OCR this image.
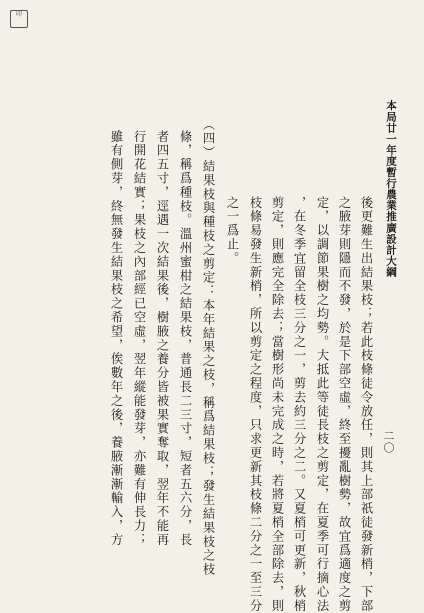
印
本局廿一年度暫行農業推廣設計大綱
二〇
後更難生出結果枝；若此枝條徒令放任，則其上部祇徒發新梢，下部
之腋芽則隱而不發，於是下部空虛，終至擾亂樹勢，故宜爲適度之剪
定，以調節果樹之均勢。大抵此等徒長枝之剪定，在夏季可行摘心法
，在冬季宜留全枝三分之一，剪去約三分之二。又夏梢可更新，秋梢
剪定，則應完全除去；當樹形尚未完成之時，若將夏梢全部除去，則
枝條易發生新梢，所以剪定之程度，只求更新其枝條二分之一至三分
之一爲止。
（四）結果枝與種枝之剪定：本年結果之枝，稱爲結果枝；發生結果枝之枝
條，稱爲種枝。溫州蜜柑之結果枝，普通長二三寸，短者五六分，長
者四五寸，逕遇一次結果後，樹腋之養分皆被果實奪取，翌年不能再
行開花結實；果枝之內部經已空虛，翌年縱能發芽，亦難有伸長力；
雖有側芽，終無發生結果枝之希望，俟數年之後，養腋漸漸輸入，方
